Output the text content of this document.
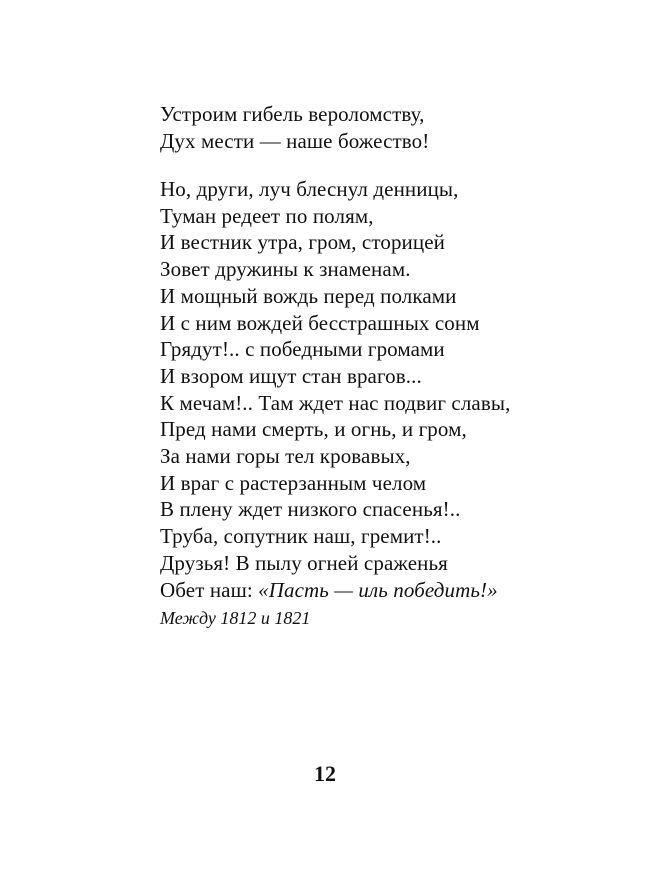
Устроим гибель вероломству,
Дух мести — наше божество!
Но, други, луч блеснул денницы,
Туман редеет по полям,
И вестник утра, гром, сторицей
Зовет дружины к знаменам.
И мощный вождь перед полками
И с ним вождей бесстрашных сонм
Грядут!.. с победными громами
И взором ищут стан врагов...
К мечам!.. Там ждет нас подвиг славы,
Пред нами смерть, и огнь, и гром,
За нами горы тел кровавых,
И враг с растерзанным челом
В плену ждет низкого спасенья!..
Труба, сопутник наш, гремит!..
Друзья! В пылу огней сраженья
Обет наш: «Пасть — иль победить!»

Между 1812 и 1821

12
